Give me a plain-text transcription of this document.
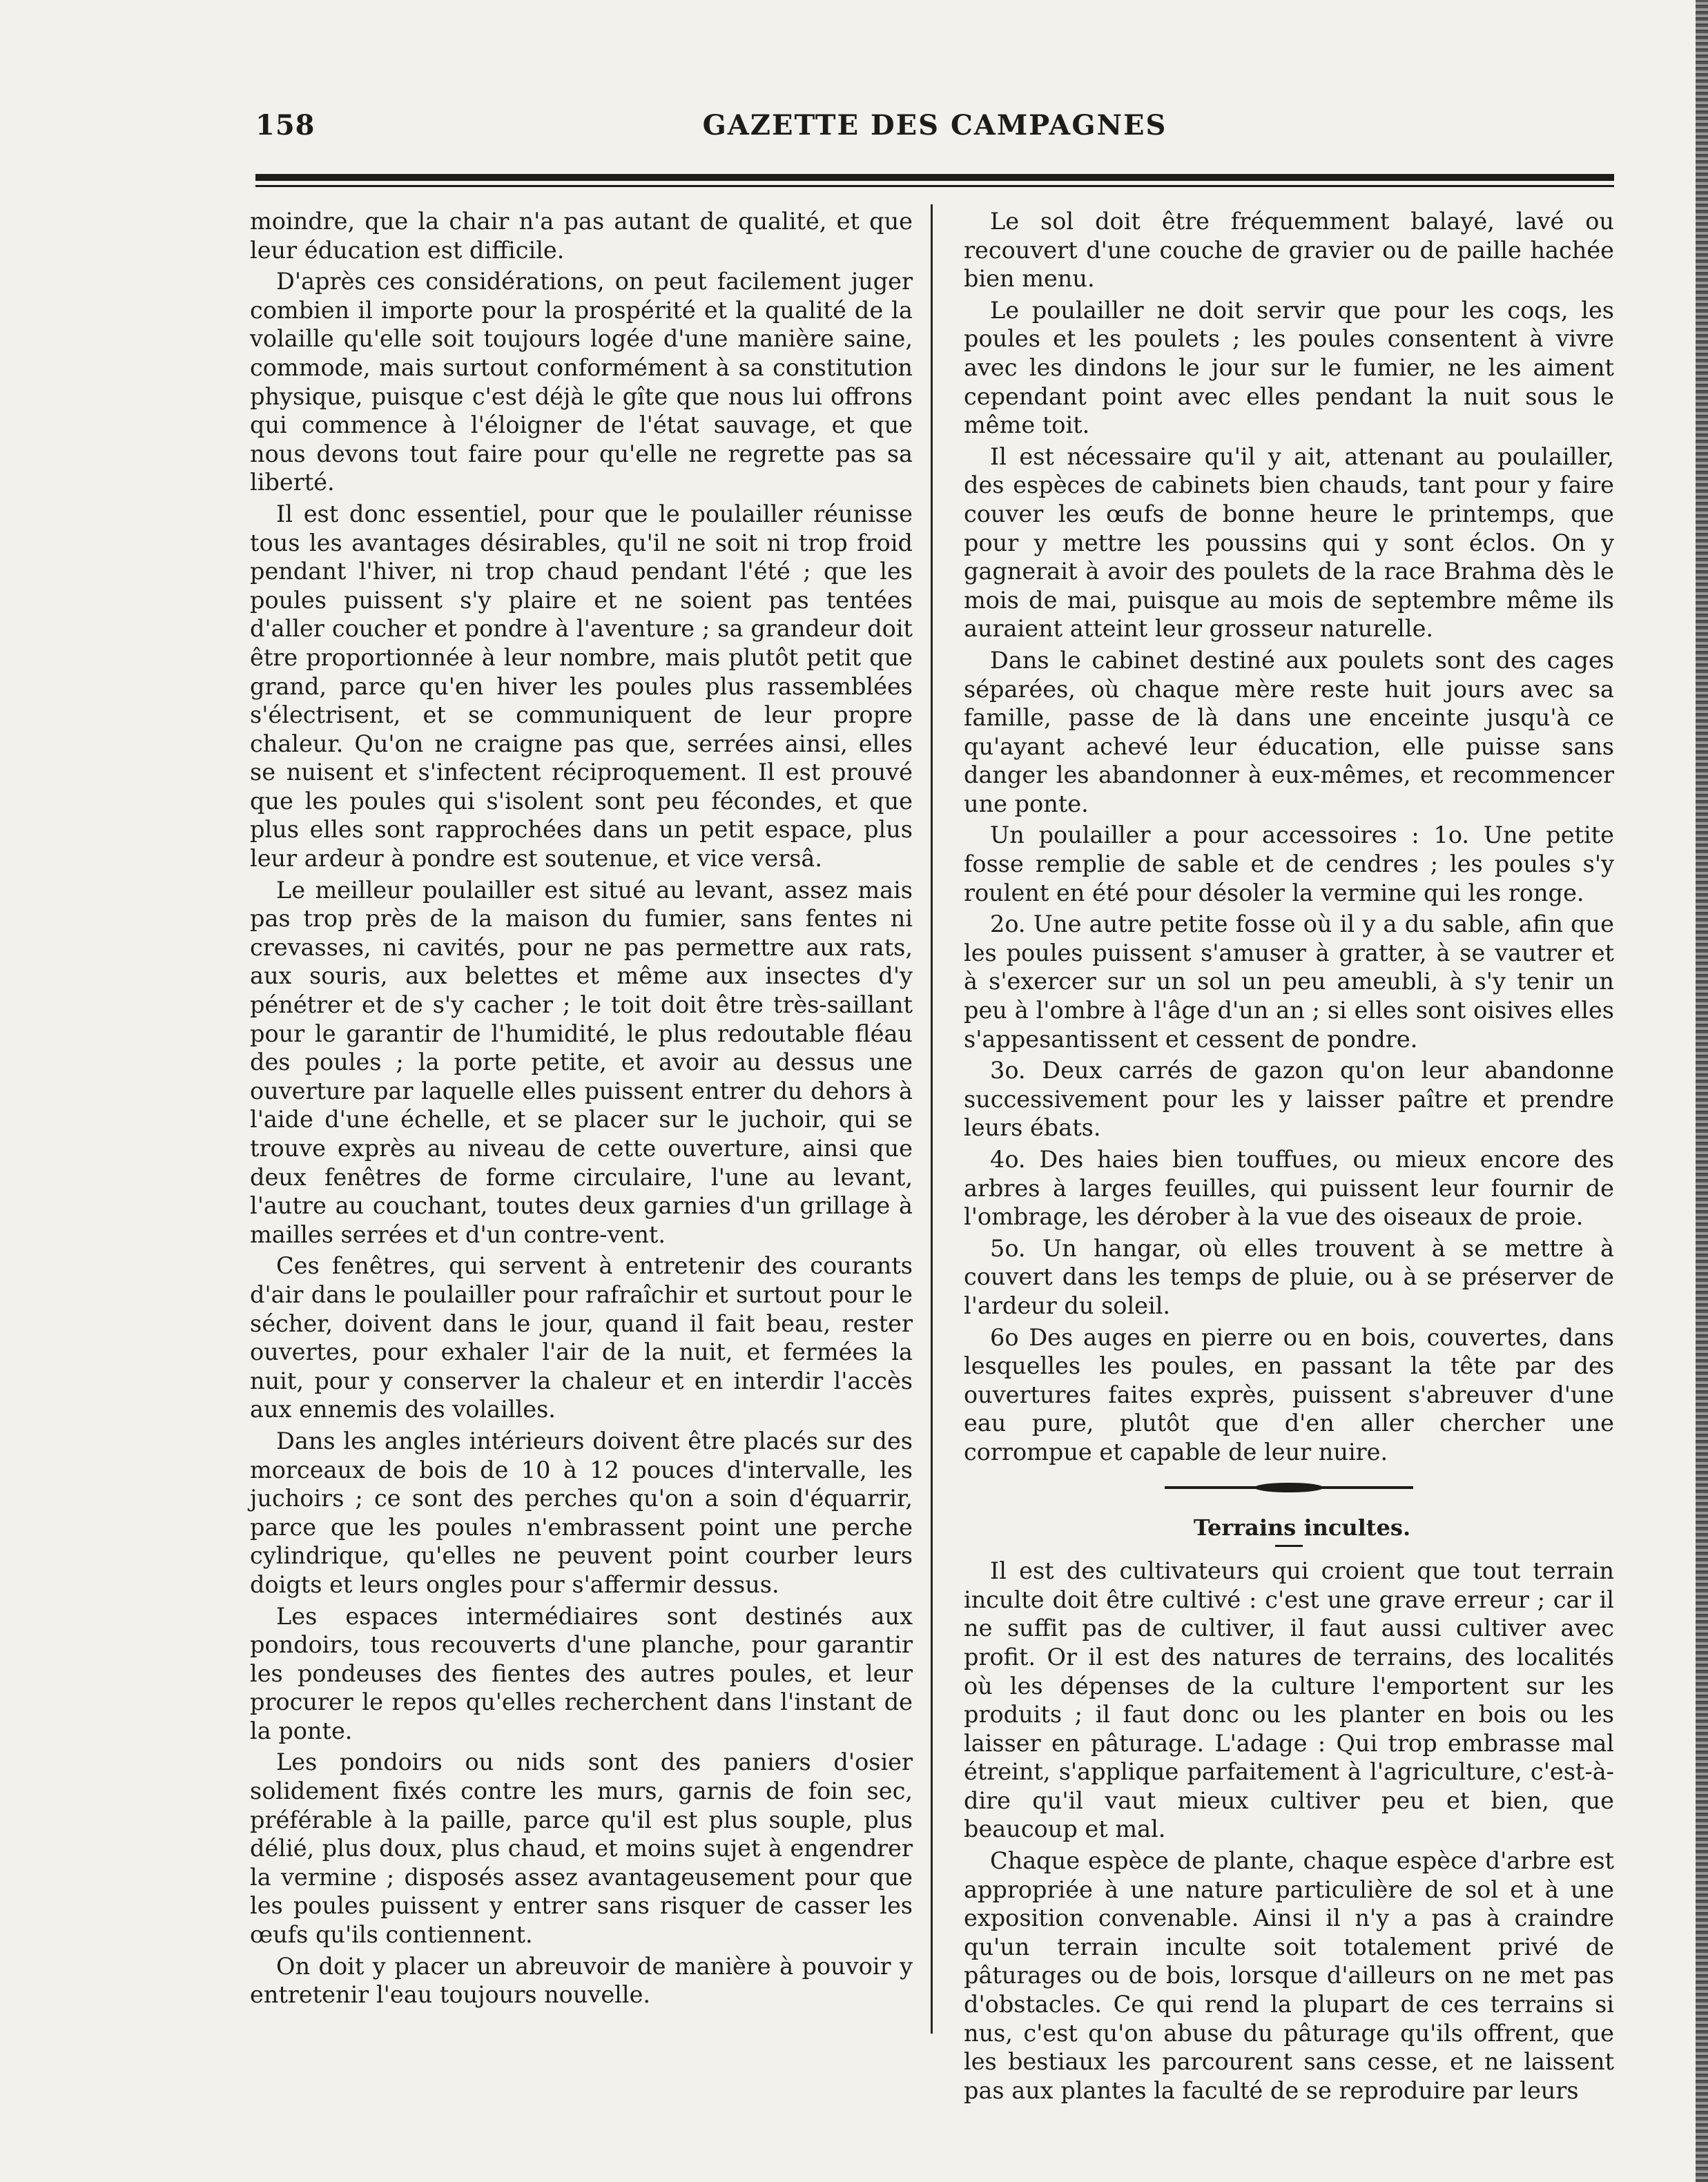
158	GAZETTE DES CAMPAGNES

moindre, que la chair n'a pas autant de qualité, et que leur éducation est difficile.

D'après ces considérations, on peut facilement juger combien il importe pour la prospérité et la qualité de la volaille qu'elle soit toujours logée d'une manière saine, commode, mais surtout conformément à sa constitution physique, puisque c'est déjà le gîte que nous lui offrons qui commence à l'éloigner de l'état sauvage, et que nous devons tout faire pour qu'elle ne regrette pas sa liberté.

Il est donc essentiel, pour que le poulailler réunisse tous les avantages désirables, qu'il ne soit ni trop froid pendant l'hiver, ni trop chaud pendant l'été ; que les poules puissent s'y plaire et ne soient pas tentées d'aller coucher et pondre à l'aventure ; sa grandeur doit être proportionnée à leur nombre, mais plutôt petit que grand, parce qu'en hiver les poules plus rassemblées s'électrisent, et se communiquent de leur propre chaleur. Qu'on ne craigne pas que, serrées ainsi, elles se nuisent et s'infectent réciproquement. Il est prouvé que les poules qui s'isolent sont peu fécondes, et que plus elles sont rapprochées dans un petit espace, plus leur ardeur à pondre est soutenue, et vice versâ.

Le meilleur poulailler est situé au levant, assez mais pas trop près de la maison du fumier, sans fentes ni crevasses, ni cavités, pour ne pas permettre aux rats, aux souris, aux belettes et même aux insectes d'y pénétrer et de s'y cacher ; le toit doit être très-saillant pour le garantir de l'humidité, le plus redoutable fléau des poules ; la porte petite, et avoir au dessus une ouverture par laquelle elles puissent entrer du dehors à l'aide d'une échelle, et se placer sur le juchoir, qui se trouve exprès au niveau de cette ouverture, ainsi que deux fenêtres de forme circulaire, l'une au levant, l'autre au couchant, toutes deux garnies d'un grillage à mailles serrées et d'un contre-vent.

Ces fenêtres, qui servent à entretenir des courants d'air dans le poulailler pour rafraîchir et surtout pour le sécher, doivent dans le jour, quand il fait beau, rester ouvertes, pour exhaler l'air de la nuit, et fermées la nuit, pour y conserver la chaleur et en interdir l'accès aux ennemis des volailles.

Dans les angles intérieurs doivent être placés sur des morceaux de bois de 10 à 12 pouces d'intervalle, les juchoirs ; ce sont des perches qu'on a soin d'équarrir, parce que les poules n'embrassent point une perche cylindrique, qu'elles ne peuvent point courber leurs doigts et leurs ongles pour s'affermir dessus.

Les espaces intermédiaires sont destinés aux pondoirs, tous recouverts d'une planche, pour garantir les pondeuses des fientes des autres poules, et leur procurer le repos qu'elles recherchent dans l'instant de la ponte.

Les pondoirs ou nids sont des paniers d'osier solidement fixés contre les murs, garnis de foin sec, préférable à la paille, parce qu'il est plus souple, plus délié, plus doux, plus chaud, et moins sujet à engendrer la vermine ; disposés assez avantageusement pour que les poules puissent y entrer sans risquer de casser les œufs qu'ils contiennent.

On doit y placer un abreuvoir de manière à pouvoir y entretenir l'eau toujours nouvelle.

Le sol doit être fréquemment balayé, lavé ou recouvert d'une couche de gravier ou de paille hachée bien menu.

Le poulailler ne doit servir que pour les coqs, les poules et les poulets ; les poules consentent à vivre avec les dindons le jour sur le fumier, ne les aiment cependant point avec elles pendant la nuit sous le même toit.

Il est nécessaire qu'il y ait, attenant au poulailler, des espèces de cabinets bien chauds, tant pour y faire couver les œufs de bonne heure le printemps, que pour y mettre les poussins qui y sont éclos. On y gagnerait à avoir des poulets de la race Brahma dès le mois de mai, puisque au mois de septembre même ils auraient atteint leur grosseur naturelle.

Dans le cabinet destiné aux poulets sont des cages séparées, où chaque mère reste huit jours avec sa famille, passe de là dans une enceinte jusqu'à ce qu'ayant achevé leur éducation, elle puisse sans danger les abandonner à eux-mêmes, et recommencer une ponte.

Un poulailler a pour accessoires : 1o. Une petite fosse remplie de sable et de cendres ; les poules s'y roulent en été pour désoler la vermine qui les ronge.

2o. Une autre petite fosse où il y a du sable, afin que les poules puissent s'amuser à gratter, à se vautrer et à s'exercer sur un sol un peu ameubli, à s'y tenir un peu à l'ombre à l'âge d'un an ; si elles sont oisives elles s'appesantissent et cessent de pondre.

3o. Deux carrés de gazon qu'on leur abandonne successivement pour les y laisser paître et prendre leurs ébats.

4o. Des haies bien touffues, ou mieux encore des arbres à larges feuilles, qui puissent leur fournir de l'ombrage, les dérober à la vue des oiseaux de proie.

5o. Un hangar, où elles trouvent à se mettre à couvert dans les temps de pluie, ou à se préserver de l'ardeur du soleil.

6o Des auges en pierre ou en bois, couvertes, dans lesquelles les poules, en passant la tête par des ouvertures faites exprès, puissent s'abreuver d'une eau pure, plutôt que d'en aller chercher une corrompue et capable de leur nuire.

Terrains incultes.

Il est des cultivateurs qui croient que tout terrain inculte doit être cultivé : c'est une grave erreur ; car il ne suffit pas de cultiver, il faut aussi cultiver avec profit. Or il est des natures de terrains, des localités où les dépenses de la culture l'emportent sur les produits ; il faut donc ou les planter en bois ou les laisser en pâturage. L'adage : Qui trop embrasse mal étreint, s'applique parfaitement à l'agriculture, c'est-à-dire qu'il vaut mieux cultiver peu et bien, que beaucoup et mal.

Chaque espèce de plante, chaque espèce d'arbre est appropriée à une nature particulière de sol et à une exposition convenable. Ainsi il n'y a pas à craindre qu'un terrain inculte soit totalement privé de pâturages ou de bois, lorsque d'ailleurs on ne met pas d'obstacles. Ce qui rend la plupart de ces terrains si nus, c'est qu'on abuse du pâturage qu'ils offrent, que les bestiaux les parcourent sans cesse, et ne laissent pas aux plantes la faculté de se reproduire par leurs
